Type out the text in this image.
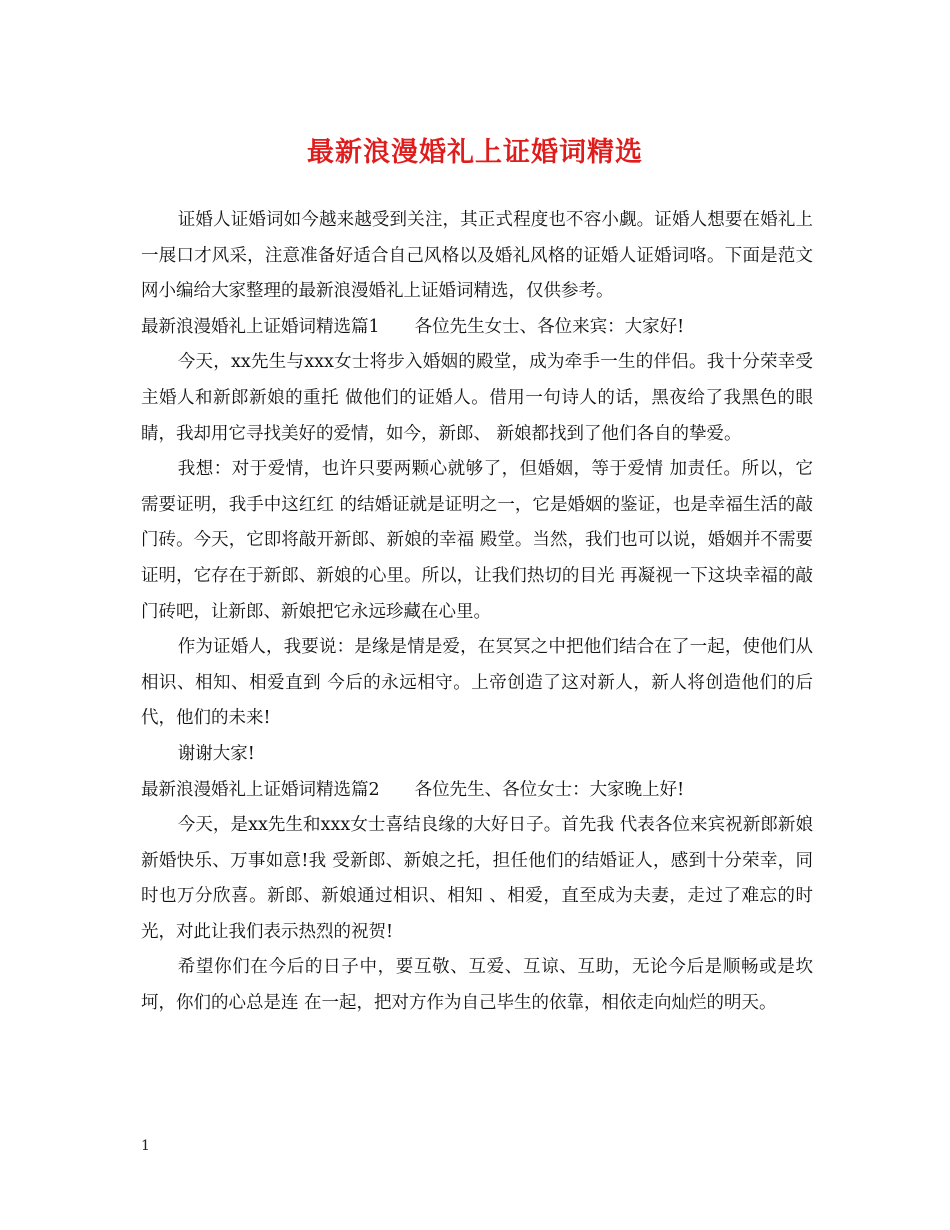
最新浪漫婚礼上证婚词精选

证婚人证婚词如今越来越受到关注，其正式程度也不容小觑。证婚人想要在婚礼上一展口才风采，注意准备好适合自己风格以及婚礼风格的证婚人证婚词咯。下面是范文网小编给大家整理的最新浪漫婚礼上证婚词精选，仅供参考。

最新浪漫婚礼上证婚词精选篇1　　各位先生女士、各位来宾：大家好!

今天，xx先生与xxx女士将步入婚姻的殿堂，成为牵手一生的伴侣。我十分荣幸受主婚人和新郎新娘的重托 做他们的证婚人。借用一句诗人的话，黑夜给了我黑色的眼睛，我却用它寻找美好的爱情，如今，新郎、 新娘都找到了他们各自的挚爱。

我想：对于爱情，也许只要两颗心就够了，但婚姻，等于爱情 加责任。所以，它需要证明，我手中这红红 的结婚证就是证明之一，它是婚姻的鉴证，也是幸福生活的敲门砖。今天，它即将敲开新郎、新娘的幸福 殿堂。当然，我们也可以说，婚姻并不需要证明，它存在于新郎、新娘的心里。所以，让我们热切的目光 再凝视一下这块幸福的敲门砖吧，让新郎、新娘把它永远珍藏在心里。

作为证婚人，我要说：是缘是情是爱，在冥冥之中把他们结合在了一起，使他们从相识、相知、相爱直到 今后的永远相守。上帝创造了这对新人，新人将创造他们的后代，他们的未来!

谢谢大家!

最新浪漫婚礼上证婚词精选篇2　　各位先生、各位女士：大家晚上好!

今天，是xx先生和xxx女士喜结良缘的大好日子。首先我 代表各位来宾祝新郎新娘新婚快乐、万事如意!我 受新郎、新娘之托，担任他们的结婚证人，感到十分荣幸，同时也万分欣喜。新郎、新娘通过相识、相知 、相爱，直至成为夫妻，走过了难忘的时光，对此让我们表示热烈的祝贺!

希望你们在今后的日子中，要互敬、互爱、互谅、互助，无论今后是顺畅或是坎坷，你们的心总是连 在一起，把对方作为自己毕生的依靠，相依走向灿烂的明天。

1
